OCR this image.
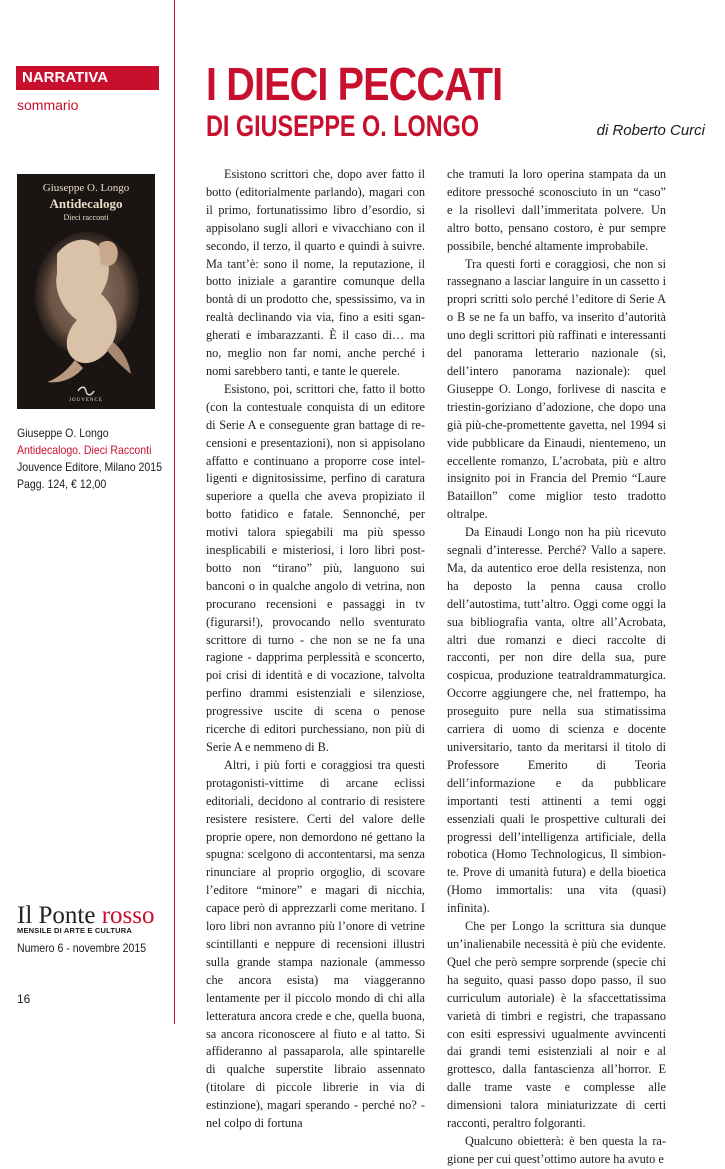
NARRATIVA
sommario	I DIECI PECCATI
DI GIUSEPPE O. LONGO	di Roberto Curci
Giuseppe O. Longo
Antidecalogo
Dieci racconti
JOUVENCE
Giuseppe O. Longo
Antidecalogo. Dieci Racconti
Jouvence Editore, Milano 2015
Pagg. 124, € 12,00
Il Ponte rosso
MENSILE DI ARTE E CULTURA
Numero 6 - novembre 2015
16

Esistono scrittori che, dopo aver fatto il botto (editorialmente parlando), magari con il primo, fortunatissimo libro d’esordio, si appisolano sugli allori e vivacchiano con il secondo, il terzo, il quarto e quindi à suivre. Ma tant’è: sono il nome, la reputazione, il botto iniziale a garantire comunque della bontà di un prodotto che, spessissimo, va in realtà declinando via via, fino a esiti sgangherati e imbarazzanti. È il caso di… ma no, meglio non far nomi, anche perché i nomi sarebbero tanti, e tante le querele.

Esistono, poi, scrittori che, fatto il botto (con la contestuale conquista di un editore di Serie A e conseguente gran battage di recensioni e presentazioni), non si appisolano affatto e continuano a proporre cose intelligenti e dignitosissime, perfino di caratura superiore a quella che aveva propiziato il botto fatidico e fatale. Sennonché, per motivi talora spiegabili ma più spesso inesplicabili e misteriosi, i loro libri post-botto non “tirano” più, languono sui banconi o in qualche angolo di vetrina, non procurano recensioni e passaggi in tv (figurarsi!), provocando nello sventurato scrittore di turno - che non se ne fa una ragione - dapprima perplessità e sconcerto, poi crisi di identità e di vocazione, talvolta perfino drammi esistenziali e silenziose, progressive uscite di scena o penose ricerche di editori purchessiano, non più di Serie A e nemmeno di B.

Altri, i più forti e coraggiosi tra questi protagonisti-vittime di arcane eclissi editoriali, decidono al contrario di resistere resistere resistere. Certi del valore delle proprie opere, non demordono né gettano la spugna: scelgono di accontentarsi, ma senza rinunciare al proprio orgoglio, di scovare l’editore “minore” e magari di nicchia, capace però di apprezzarli come meritano. I loro libri non avranno più l’onore di vetrine scintillanti e neppure di recensioni illustri sulla grande stampa nazionale (ammesso che ancora esista) ma viaggeranno lentamente per il piccolo mondo di chi alla letteratura ancora crede e che, quella buona, sa ancora riconoscere al fiuto e al tatto. Si affideranno al passaparola, alle spintarelle di qualche superstite libraio assennato (titolare di piccole librerie in via di estinzione), magari sperando - perché no? - nel colpo di fortuna

che tramuti la loro operina stampata da un editore pressoché sconosciuto in un “caso” e la risollevi dall’immeritata polvere. Un altro botto, pensano costoro, è pur sempre possibile, benché altamente improbabile.

Tra questi forti e coraggiosi, che non si rassegnano a lasciar languire in un cassetto i propri scritti solo perché l’editore di Serie A o B se ne fa un baffo, va inserito d’autorità uno degli scrittori più raffinati e interessanti del panorama letterario nazionale (sì, dell’intero panorama nazionale): quel Giuseppe O. Longo, forlivese di nascita e triestin-goriziano d’adozione, che dopo una già più-che-promettente gavetta, nel 1994 si vide pubblicare da Einaudi, nientemeno, un eccellente romanzo, L’acrobata, più e altro insignito poi in Francia del Premio “Laure Bataillon” come miglior testo tradotto oltralpe.

Da Einaudi Longo non ha più ricevuto segnali d’interesse. Perché? Vallo a sapere. Ma, da autentico eroe della resistenza, non ha deposto la penna causa crollo dell’autostima, tutt’altro. Oggi come oggi la sua bibliografia vanta, oltre all’Acrobata, altri due romanzi e dieci raccolte di racconti, per non dire della sua, pure cospicua, produzione teatraldrammaturgica. Occorre aggiungere che, nel frattempo, ha proseguito pure nella sua stimatissima carriera di uomo di scienza e docente universitario, tanto da meritarsi il titolo di Professore Emerito di Teoria dell’informazione e da pubblicare importanti testi attinenti a temi oggi essenziali quali le prospettive culturali dei progressi dell’intelligenza artificiale, della robotica (Homo Technologicus, Il simbionte. Prove di umanità futura) e della bioetica (Homo immortalis: una vita (quasi) infinita).

Che per Longo la scrittura sia dunque un’inalienabile necessità è più che evidente. Quel che però sempre sorprende (specie chi ha seguito, quasi passo dopo passo, il suo curriculum autoriale) è la sfaccettatissima varietà di timbri e registri, che trapassano con esiti espressivi ugualmente avvincenti dai grandi temi esistenziali al noir e al grottesco, dalla fantascienza all’horror. E dalle trame vaste e complesse alle dimensioni talora miniaturizzate di certi racconti, peraltro folgoranti.

Qualcuno obietterà: è ben questa la ragione per cui quest’ottimo autore ha avuto e
